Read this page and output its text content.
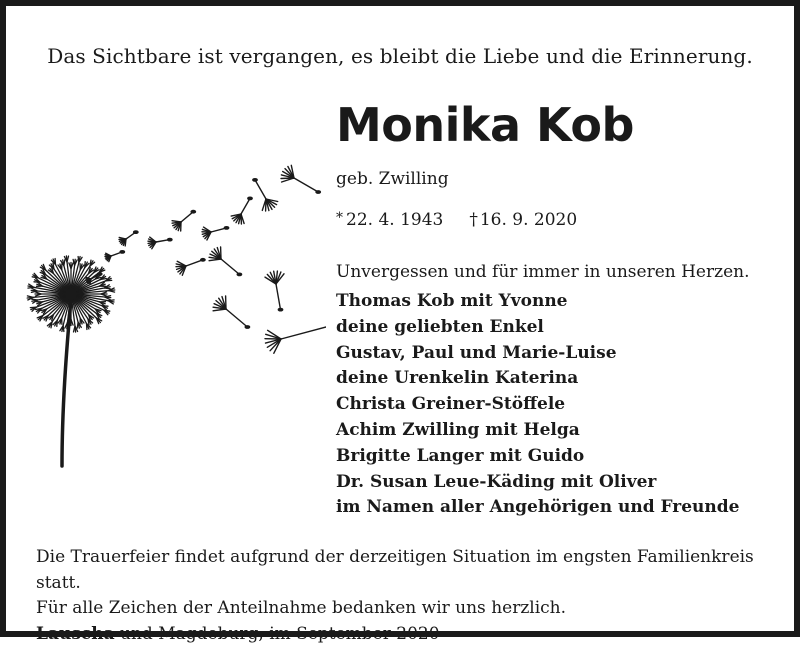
Das Sichtbare ist vergangen, es bleibt die Liebe und die Erinnerung.
Monika Kob
geb. Zwilling
* 22. 4. 1943 † 16. 9. 2020
Unvergessen und für immer in unseren Herzen.
Thomas Kob mit Yvonne
deine geliebten Enkel
Gustav, Paul und Marie-Luise
deine Urenkelin Katerina
Christa Greiner-Stöffele
Achim Zwilling mit Helga
Brigitte Langer mit Guido
Dr. Susan Leue-Käding mit Oliver
im Namen aller Angehörigen und Freunde
Die Trauerfeier findet aufgrund der derzeitigen Situation im engsten Familienkreis statt.
Für alle Zeichen der Anteilnahme bedanken wir uns herzlich.
Lauscha und Magdeburg, im September 2020
